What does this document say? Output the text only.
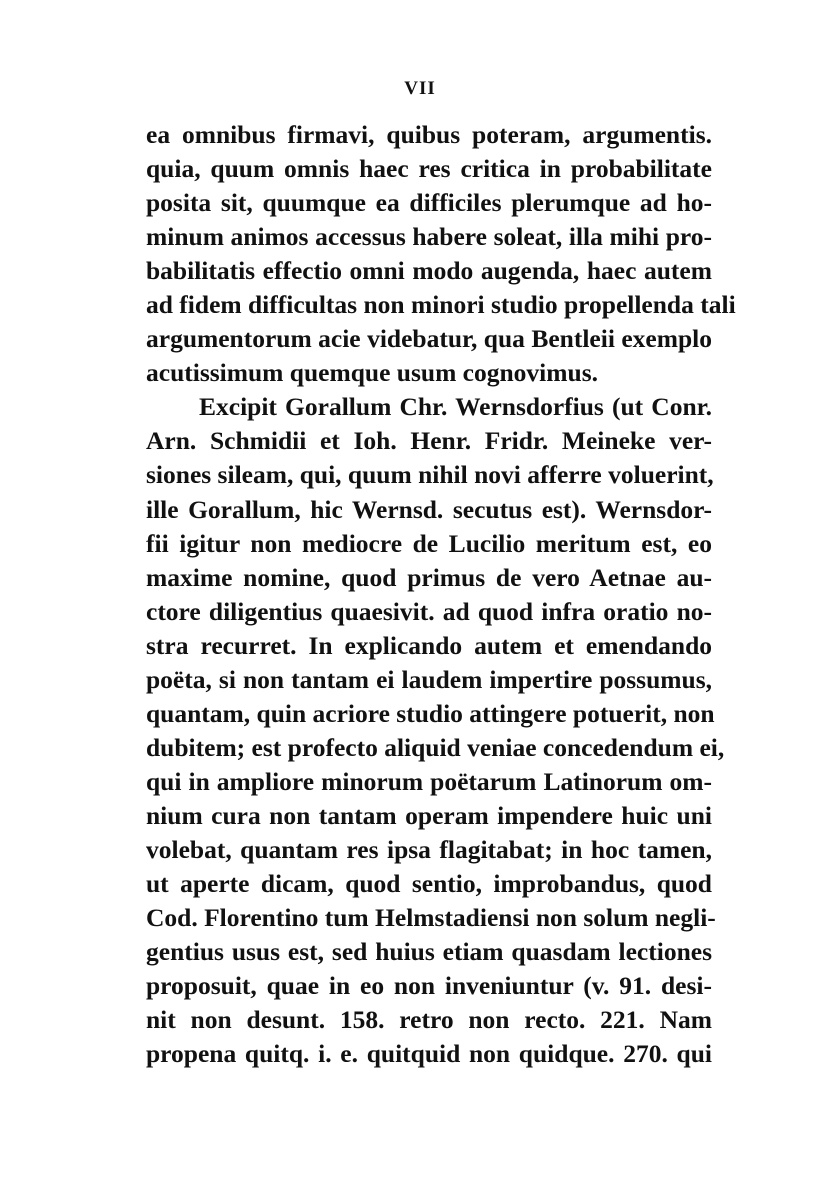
VII
ea omnibus firmavi, quibus poteram, argumentis.
quia, quum omnis haec res critica in probabilitate
posita sit, quumque ea difficiles plerumque ad ho-
minum animos accessus habere soleat, illa mihi pro-
babilitatis effectio omni modo augenda, haec autem
ad fidem difficultas non minori studio propellenda tali
argumentorum acie videbatur, qua Bentleii exemplo
acutissimum quemque usum cognovimus.
Excipit Gorallum Chr. Wernsdorfius (ut Conr.
Arn. Schmidii et Ioh. Henr. Fridr. Meineke ver-
siones sileam, qui, quum nihil novi afferre voluerint,
ille Gorallum, hic Wernsd. secutus est). Wernsdor-
fii igitur non mediocre de Lucilio meritum est, eo
maxime nomine, quod primus de vero Aetnae au-
ctore diligentius quaesivit. ad quod infra oratio no-
stra recurret. In explicando autem et emendando
poëta, si non tantam ei laudem impertire possumus,
quantam, quin acriore studio attingere potuerit, non
dubitem; est profecto aliquid veniae concedendum ei,
qui in ampliore minorum poëtarum Latinorum om-
nium cura non tantam operam impendere huic uni
volebat, quantam res ipsa flagitabat; in hoc tamen,
ut aperte dicam, quod sentio, improbandus, quod
Cod. Florentino tum Helmstadiensi non solum negli-
gentius usus est, sed huius etiam quasdam lectiones
proposuit, quae in eo non inveniuntur (v. 91. desi-
nit non desunt. 158. retro non recto. 221. Nam
propena quitq. i. e. quitquid non quidque. 270. qui
